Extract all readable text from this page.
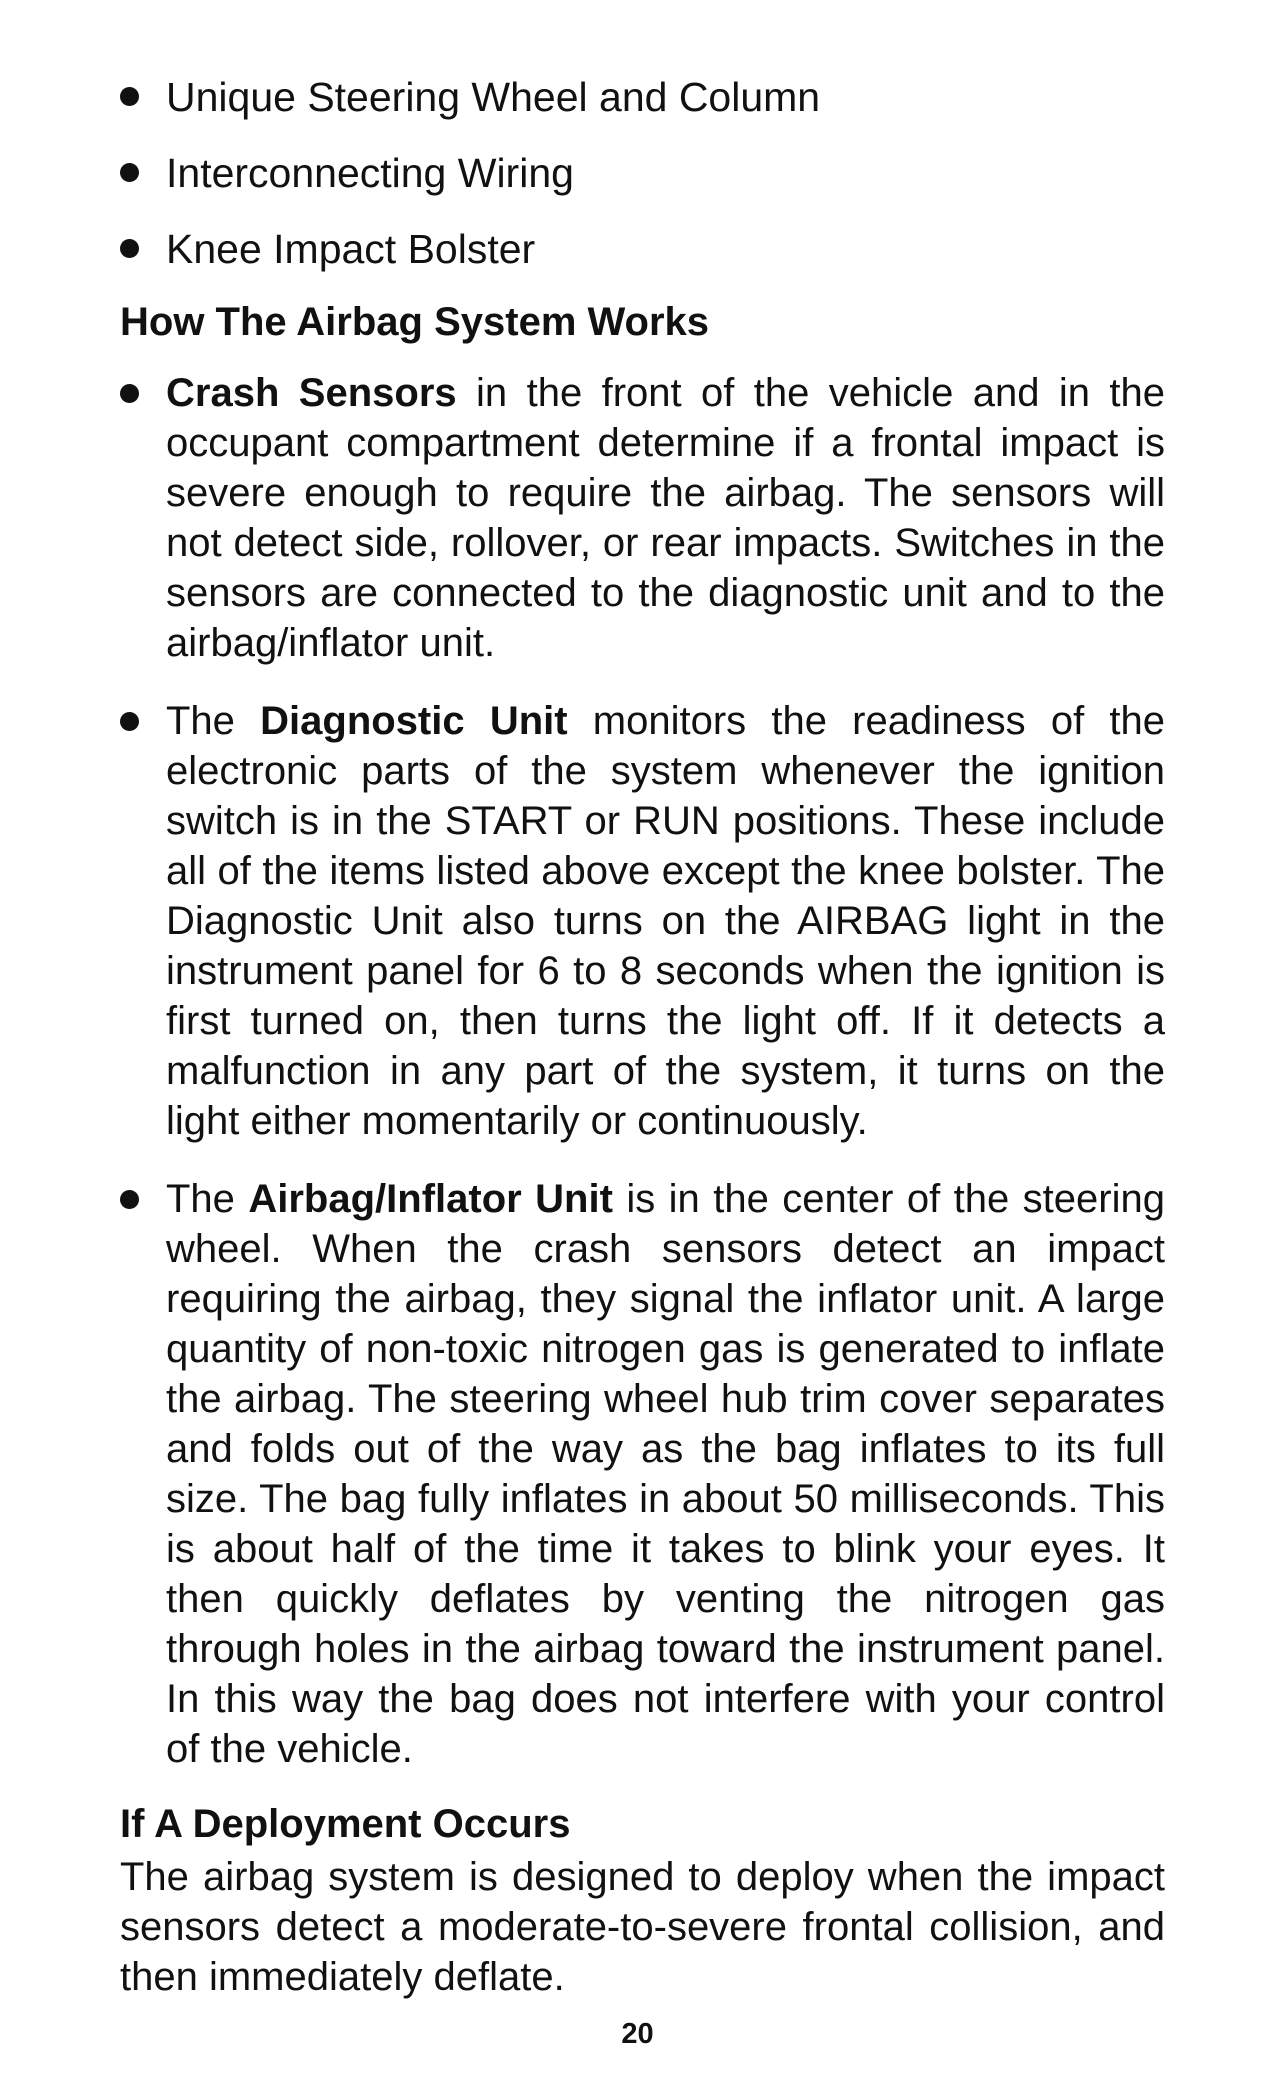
Unique Steering Wheel and Column
Interconnecting Wiring
Knee Impact Bolster
How The Airbag System Works
Crash Sensors in the front of the vehicle and in the occupant compartment determine if a frontal impact is severe enough to require the airbag. The sensors will not detect side, rollover, or rear impacts. Switches in the sensors are connected to the diagnostic unit and to the airbag/inflator unit.
The Diagnostic Unit monitors the readiness of the electronic parts of the system whenever the ignition switch is in the START or RUN positions. These include all of the items listed above except the knee bolster. The Diagnostic Unit also turns on the AIRBAG light in the instrument panel for 6 to 8 seconds when the ignition is first turned on, then turns the light off. If it detects a malfunction in any part of the system, it turns on the light either momentarily or continuously.
The Airbag/Inflator Unit is in the center of the steering wheel. When the crash sensors detect an impact requiring the airbag, they signal the inflator unit. A large quantity of non-toxic nitrogen gas is generated to inflate the airbag. The steering wheel hub trim cover separates and folds out of the way as the bag inflates to its full size. The bag fully inflates in about 50 milliseconds. This is about half of the time it takes to blink your eyes. It then quickly deflates by venting the nitrogen gas through holes in the airbag toward the instrument panel. In this way the bag does not interfere with your control of the vehicle.
If A Deployment Occurs

The airbag system is designed to deploy when the impact sensors detect a moderate-to-severe frontal collision, and then immediately deflate.

20
